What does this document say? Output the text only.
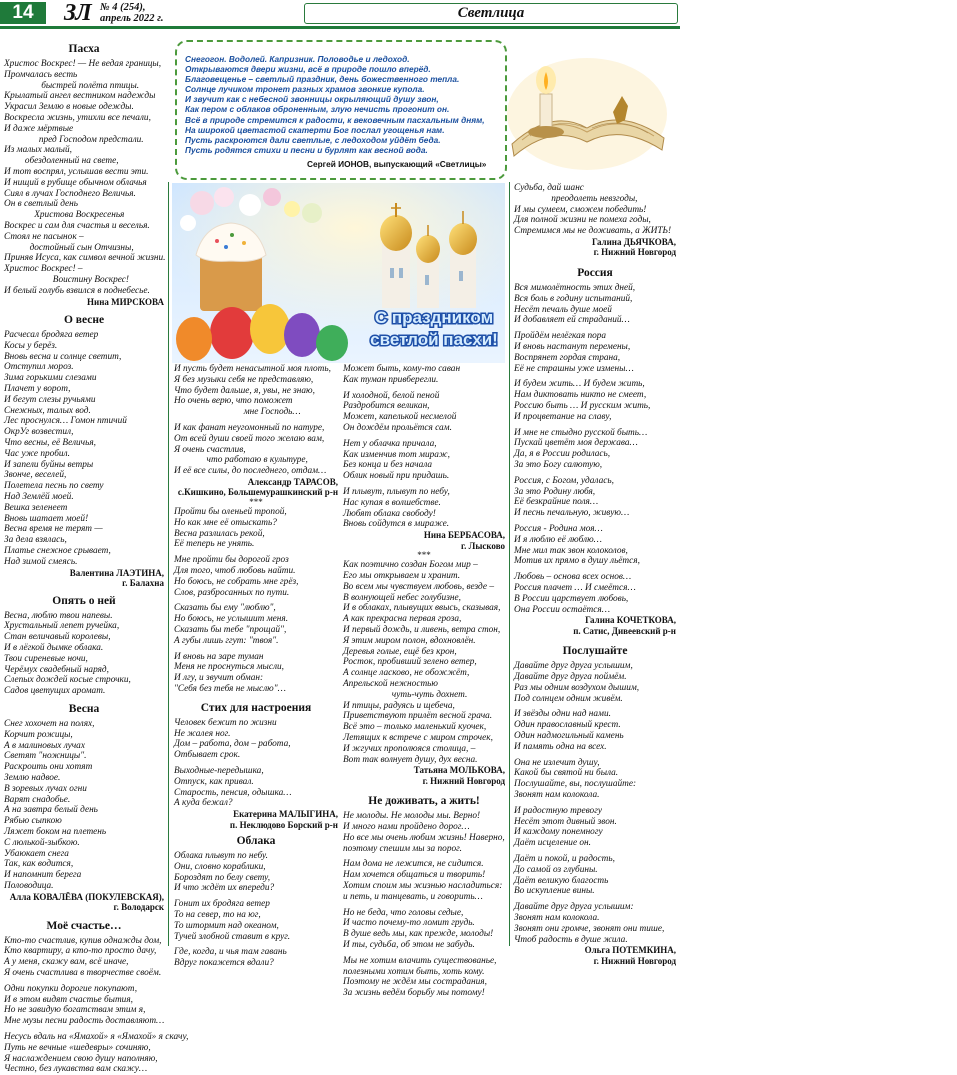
14	ЗЛ № 4 (254),
апрель 2022 г.	Светлица
Пасха

Христос Воскрес! — Не ведая границы,

Промчалась весть

быстрей полёта птицы.

Крылатый ангел вестником надежды

Украсил Землю в новые одежды.

Воскресла жизнь, утихли все печали,

И даже мёртвые

пред Господом предстали.

Из малых малый,

обездоленный на свете,

И тот воспрял, услышав вести эти.

И нищий в рубище обычном облачья

Сиял в лучах Господнего Величья.

Он в светлый день

Христова Воскресенья

Воскрес и сам для счастья и веселья.

Стоял не пасынок –

достойный сын Отчизны,

Приняв Исуса, как символ вечной жизни.

Христос Воскрес! –

Воистину Воскрес!

И белый голубь взвился в поднебесье.

Нина МИРСКОВА
О весне

Расчесал бродяга ветер

Косы у берёз.

Вновь весна и солнце светит,

Отступил мороз.

Зима горькими слезами

Плачет у ворот,

И бегут слезы ручьями

Снежных, талых вод.

Лес проснулся… Гомон птичий

ОкрУг возвестил,

Что весны, её Величья,

Час уже пробил.

И запели буйны ветры

Звонче, веселей,

Полетела песнь по свету

Над Землёй моей.

Вешка зеленеет

Вновь шатает моей!

Весна время не терят —

За дела взялась,

Платье снежное срывает,

Над зимой смеясь.

Валентина ЛАЭТИНА,
г. Балахна
Опять о ней

Весна, люблю твои напевы.

Хрустальный лепет ручейка,

Стан величавый королевы,

И в лёгкой дымке облака.

Твои сиреневые ночи,

Черёмух свадебный наряд,

Слепых дождей косые строчки,

Садов цветущих аромат.

Весна

Снег хохочет на полях,

Корчит рожицы,

А в малиновых лучах

Светят "ножницы".

Раскроить они хотят

Землю надвое.

В зоревых лучах огни

Варят снадобье.

А на завтра белый день

Рябью сыпкою

Ляжет боком на плетень

С люлькой-зыбкою.

Убаюкает снега

Так, как водится,

И напомнит берега

Половодица.

Алла КОВАЛЁВА (ПОКУЛЕВСКАЯ),
г. Володарск
Моё счастье…

Кто-то счастлив, купив однажды дом,

Кто квартиру, а кто-то просто дачу,

А у меня, скажу вам, всё иначе,

Я очень счастлива в творчестве своём.

Одни покупки дорогие покупают,

И в этом видят счастье бытия,

Но не завидую богатствам этим я,

Мне музы песни радость доставляют…

Несусь вдаль на «Ямахой» я «Ямахой» я скачу,

Путь не вечные «шедевры» сочиняю,

Я наслаждением свою душу наполняю,

Честно, без лукавства вам скажу…

Снегогон. Водолей. Капризник. Половодье и ледоход.

Открываются двери жизни, всё в природе пошло вперёд.

Благовещенье – светлый праздник, день божественного тепла.

Солнце лучиком тронет разных храмов звонкие купола.

И звучит как с небесной звонницы окрыляющий душу звон,

Как пером с облаков оброненным, злую нечисть прогонит он.

Всё в природе стремится к радости, к вековечным пасхальным дням,

На широкой цветастой скатерти Бог послал угощенья нам.

Пусть раскроются дали светлые, с ледоходом уйдёт беда.

Пусть родятся стихи и песни и бурлят как весной вода.

Сергей ИОНОВ, выпускающий «Светлицы»
С праздником
светлой пасхи!

И пусть будет ненасытной моя плоть,

Я без музыки себя не представляю,

Что будет дальше, я, увы, не знаю,

Но очень верю, что поможет

мне Господь…

И как фанат неугомонный по натуре,

От всей души своей того желаю вам,

Я очень счастлив,

что работаю в культуре,

И её все силы, до последнего, отдам…

Александр ТАРАСОВ,
с.Кишкино, Большемурашкинский р-н
***

Пройти бы оленьей тропой,

Но как мне её отыскать?

Весна разлилась рекой,

Её теперь не унять.

Мне пройти бы дорогой гроз

Для того, чтоб любовь найти.

Но боюсь, не собрать мне грёз,

Слов, разбросанных по пути.

Сказать бы ему "люблю",

Но боюсь, не услышит меня.

Сказать бы тебе "прощай",

А губы лишь ггут: "твоя".

И вновь на заре туман

Меня не проснуться мысли,

И лгу, и звучит обман:

"Себя без тебя не мыслю"…

Стих для настроения

Человек бежит по жизни

Не жалея ног.

Дом – работа, дом – работа,

Отбывает срок.

Выходные-передышка,

Отпуск, как привал.

Старость, пенсия, одышка…

А куда бежал?

Екатерина МАЛЫГИНА,
п. Неклюдово Борский р-н
Облака

Облака плывут по небу.

Они, словно кораблики,

Бороздят по белу свету,

И что ждёт их впереди?

Гонит их бродяга ветер

То на север, то на юг,

То штормит над океаном,

Тучей злобной ставит в круг.

Где, когда, и чья там гавань

Вдруг покажется вдали?

Может быть, кому-то саван

Как туман привберегли.

И холодной, белой пеной

Раздробится великан,

Может, капелькой несмелой

Он дождём прольётся сам.

Нет у облачка причала,

Как изменчив тот мираж,

Без конца и без начала

Облик новый при придашь.

И плывут, плывут по небу,

Нас купая в волшебстве.

Любят облака свободу!

Вновь сойдутся в мираже.

Нина БЕРБАСОВА,
г. Лысково
***

Как поэтично создан Богом мир –

Его мы открываем и хранит.

Во всем мы чувствуем любовь, везде –

В волнующей небес голубизне,

И в облаках, плывущих ввысь, сказывая,

А как прекрасна первая гроза,

И первый дождь, и ливень, ветра стон,

Я этим миром полон, вдохновлён.

Деревья голые, ещё без крон,

Росток, пробивший зелено ветер,

А солнце ласково, не обожжёт,

Апрельской нежностью

чуть-чуть дохнет.

И птицы, радуясь и щебеча,

Приветствуют прилёт весной грача.

Всё это – только маленький куочек,

Летящих к встрече с миром строчек,

И жгучих прополюяся столица, –

Вот так волнует душу, дух весна.

Татьяна МОЛЬКОВА,
г. Нижний Новгород
Не доживать, а жить!

Не молоды. Не молоды мы. Верно!

И много нами пройдено дорог…

Но все мы очень любим жизнь! Наверно,

поэтому спешим мы за порог.

Нам дома не лежится, не сидится.

Нам хочется общаться и творить!

Хотим споим мы жизнью насладиться:

и петь, и танцевать, и говорить…

Но не беда, что головы седые,

И часто почему-то ломит грудь.

В душе ведь мы, как прежде, молоды!

И ты, судьба, об этом не забудь.

Мы не хотим влачить существованье,

полезными хотим быть, хоть кому.

Поэтому не ждём мы сострадания,

За жизнь ведём борьбу мы потому!

Судьба, дай шанс

преодолеть невзгоды,

И мы сумеем, сможем победить!

Для полной жизни не помеха годы,

Стремимся мы не доживать, а ЖИТЬ!

Галина ДЬЯЧКОВА,
г. Нижний Новгород
Россия

Вся мимолётность этих дней,

Вся боль в годину испытаний,

Несёт печаль душе моей

И добавляет ей страданий…

Пройдём нелёгкая пора

И вновь настанут перемены,

Воспрянет гордая страна,

Её не страшны уже измены…

И будем жить… И будем жить,

Нам диктовать никто не смеет,

Россию быть … И русским жить,

И процветание на славу,

И мне не стыдно русской быть…

Пускай цветёт моя держава…

Да, я в России родилась,

За это Богу салютую,

Россия, с Богом, удалась,

За это Родину любя,

Её безкрайние поля…

И песнь печальную, живую…

Россия - Родина моя…

И я люблю её люблю…

Мне мил так звон колоколов,

Мотив их прямо в душу льётся,

Любовь – основа всех основ…

Россия плачет … И смеётся…

В России царствует любовь,

Она России остаётся…

Галина КОЧЕТКОВА,
п. Сатис, Дивеевский р-н
Послушайте

Давайте друг друга услышим,

Давайте друг друга поймём.

Раз мы одним воздухом дышим,

Под солнцем одним живём.

И звёзды одни над нами.

Один православный крест.

Один надмогильный камень

И память одна на всех.

Она не излечит душу,

Какой бы святой ни была.

Послушайте, вы, послушайте:

Звонят нам колокола.

И радостную тревогу

Несёт этот дивный звон.

И каждому понемногу

Даёт исцеление он.

Даёт и покой, и радость,

До самой оз глубины.

Даёт великую благость

Во искупление вины.

Давайте друг друга услышим:

Звонят нам колокола.

Звонят они громче, звонят они тише,

Чтоб радость в душе жила.

Ольга ПОТЕМКИНА,
г. Нижний Новгород
